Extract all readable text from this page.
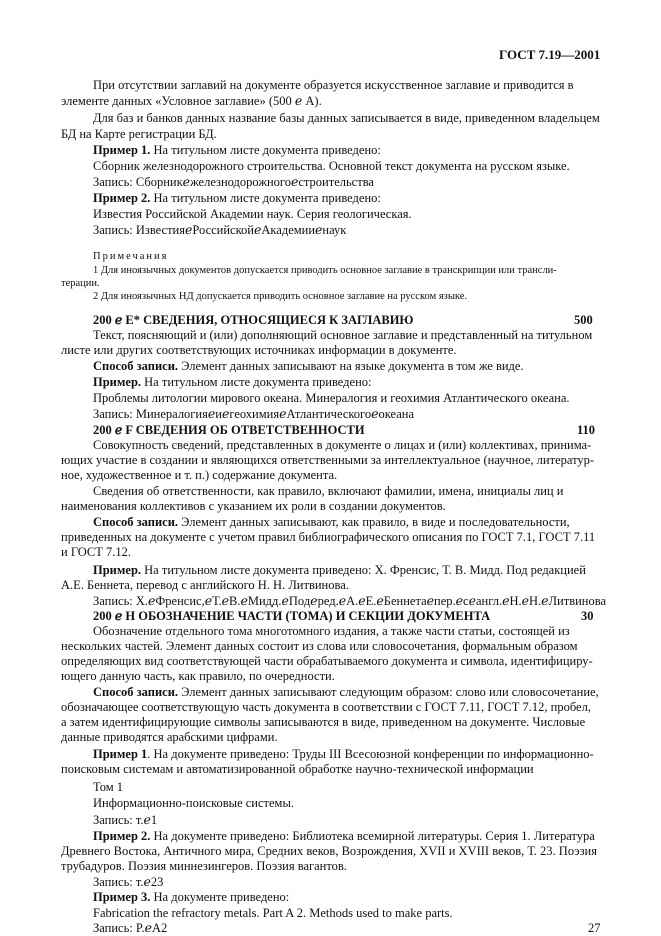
ГОСТ 7.19—2001
При отсутствии заглавий на документе образуется искусственное заглавие и приводится в
элементе данных «Условное заглавие» (500 ℯ А).
Для баз и банков данных название базы данных записывается в виде, приведенном владельцем
БД на Карте регистрации БД.
Пример 1. На титульном листе документа приведено:
Сборник железнодорожного строительства. Основной текст документа на русском языке.
Запись: Сборникℯжелезнодорожногоℯстроительства
Пример 2. На титульном листе документа приведено:
Известия Российской Академии наук. Серия геологическая.
Запись: ИзвестияℯРоссийскойℯАкадемииℯнаук
Примечания
1 Для иноязычных документов допускается приводить основное заглавие в транскрипции или трансли-
терации.
2 Для иноязычных НД допускается приводить основное заглавие на русском языке.
200 ℯ E* СВЕДЕНИЯ, ОТНОСЯЩИЕСЯ К ЗАГЛАВИЮ	500
Текст, поясняющий и (или) дополняющий основное заглавие и представленный на титульном
листе или других соответствующих источниках информации в документе.
Способ записи. Элемент данных записывают на языке документа в том же виде.
Пример. На титульном листе документа приведено:
Проблемы литологии мирового океана. Минералогия и геохимия Атлантического океана.
Запись: МинералогияℯиℯгеохимияℯАтлантическогоℯокеана
200 ℯ F СВЕДЕНИЯ ОБ ОТВЕТСТВЕННОСТИ	110
Совокупность сведений, представленных в документе о лицах и (или) коллективах, принима-
ющих участие в создании и являющихся ответственными за интеллектуальное (научное, литератур-
ное, художественное и т. п.) содержание документа.
Сведения об ответственности, как правило, включают фамилии, имена, инициалы лиц и
наименования коллективов с указанием их роли в создании документов.
Способ записи. Элемент данных записывают, как правило, в виде и последовательности,
приведенных на документе с учетом правил библиографического описания по ГОСТ 7.1, ГОСТ 7.11
и ГОСТ 7.12.
Пример. На титульном листе документа приведено: Х. Френсис, Т. В. Мидд. Под редакцией
А.Е. Беннета, перевод с английского Н. Н. Литвинова.
Запись: Х.ℯФренсис,ℯТ.ℯВ.ℯМидд.ℯПодℯред.ℯА.ℯЕ.ℯБеннетаℯпер.ℯсℯангл.ℯН.ℯН.ℯЛитвинова
200 ℯ H ОБОЗНАЧЕНИЕ ЧАСТИ (ТОМА) И СЕКЦИИ ДОКУМЕНТА	30
Обозначение отдельного тома многотомного издания, а также части статьи, состоящей из
нескольких частей. Элемент данных состоит из слова или словосочетания, формальным образом
определяющих вид соответствующей части обрабатываемого документа и символа, идентифициру-
ющего данную часть, как правило, по очередности.
Способ записи. Элемент данных записывают следующим образом: слово или словосочетание,
обозначающее соответствующую часть документа в соответствии с ГОСТ 7.11, ГОСТ 7.12, пробел,
а затем идентифицирующие символы записываются в виде, приведенном на документе. Числовые
данные приводятся арабскими цифрами.
Пример 1. На документе приведено: Труды III Всесоюзной конференции по информационно-
поисковым системам и автоматизированной обработке научно-технической информации
Том 1
Информационно-поисковые системы.
Запись: т.ℯ1
Пример 2. На документе приведено: Библиотека всемирной литературы. Серия 1. Литература
Древнего Востока, Античного мира, Средних веков, Возрождения, XVII и XVIII веков, Т. 23. Поэзия
трубадуров. Поэзия миннезингеров. Поэзия вагантов.
Запись: т.ℯ23
Пример 3. На документе приведено:
Fabrication the refractory metals. Part A 2. Methods used to make parts.
Запись: P.ℯA2	27
